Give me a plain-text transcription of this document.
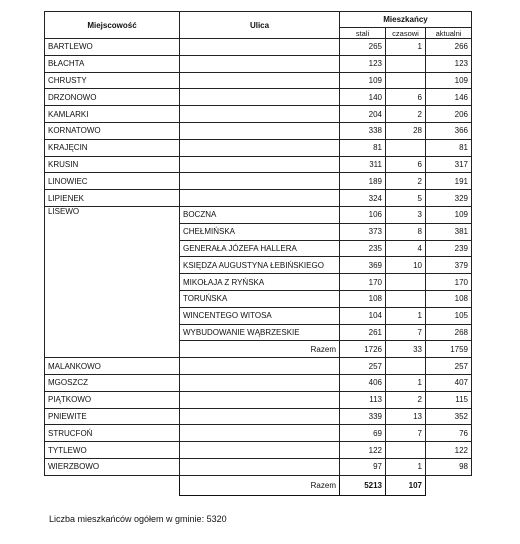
Miejscowość	Ulica	Mieszkańcy		
		stali	czasowi	aktualni
BARTLEWO		265	1	266
BŁACHTA		123		123
CHRUSTY		109		109
DRZONOWO		140	6	146
KAMLARKI		204	2	206
KORNATOWO		338	28	366
KRAJĘCIN		81		81
KRUSIN		311	6	317
LINOWIEC		189	2	191
LIPIENEK		324	5	329
LISEWO	BOCZNA	106	3	109
	CHEŁMIŃSKA	373	8	381
	GENERAŁA JÓZEFA HALLERA	235	4	239
	KSIĘDZA AUGUSTYNA ŁEBIŃSKIEGO	369	10	379
	MIKOŁAJA Z RYŃSKA	170		170
	TORUŃSKA	108		108
	WINCENTEGO WITOSA	104	1	105
	WYBUDOWANIE WĄBRZESKIE	261	7	268
	Razem	1726	33	1759
MALANKOWO		257		257
MGOSZCZ		406	1	407
PIĄTKOWO		113	2	115
PNIEWITE		339	13	352
STRUCFOŃ		69	7	76
TYTLEWO		122		122
WIERZBOWO		97	1	98
	Razem	5213	107	
Liczba mieszkańców ogółem w gminie: 5320
